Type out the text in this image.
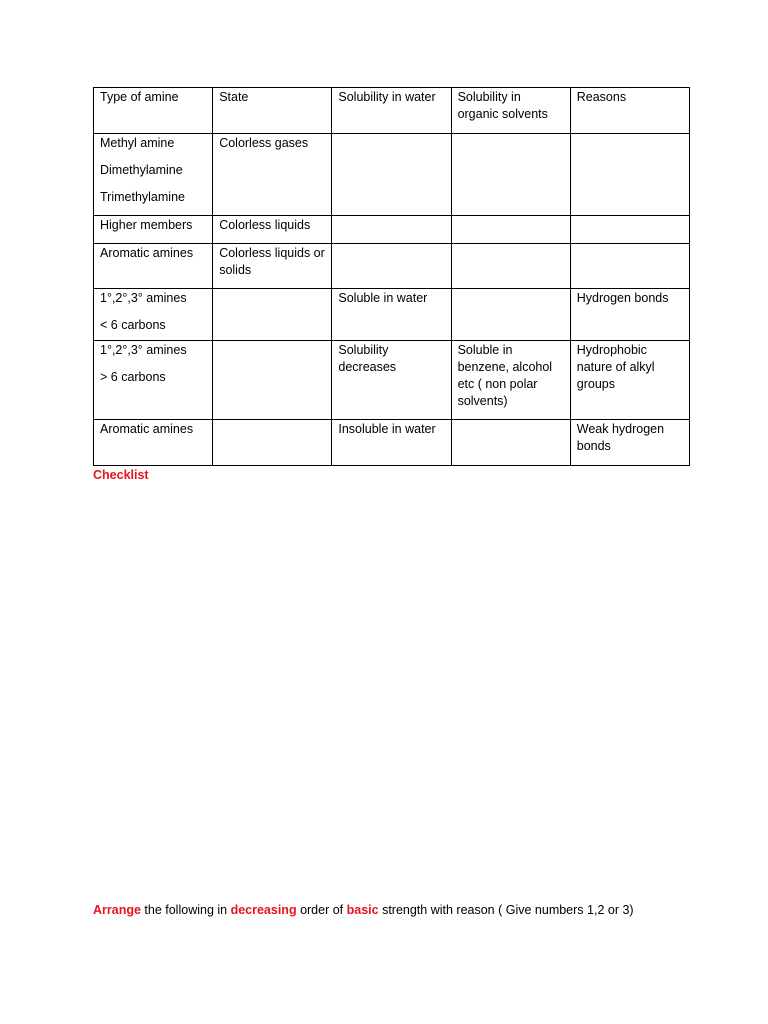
Type of amine	State	Solubility in water	Solubility in organic solvents	Reasons

Methyl amine
Dimethylamine
Trimethylamine	Colorless gases			
Higher members	Colorless liquids			
Aromatic amines	Colorless liquids or solids			

1°,2°,3° amines
< 6 carbons		Soluble in water		Hydrogen bonds

1°,2°,3° amines
> 6 carbons		Solubility decreases	Soluble in benzene, alcohol etc ( non polar solvents)	Hydrophobic nature of alkyl groups
Aromatic amines		Insoluble in water		Weak hydrogen bonds
Checklist
Arrange the following in decreasing order of basic strength with reason ( Give numbers 1,2 or 3)
